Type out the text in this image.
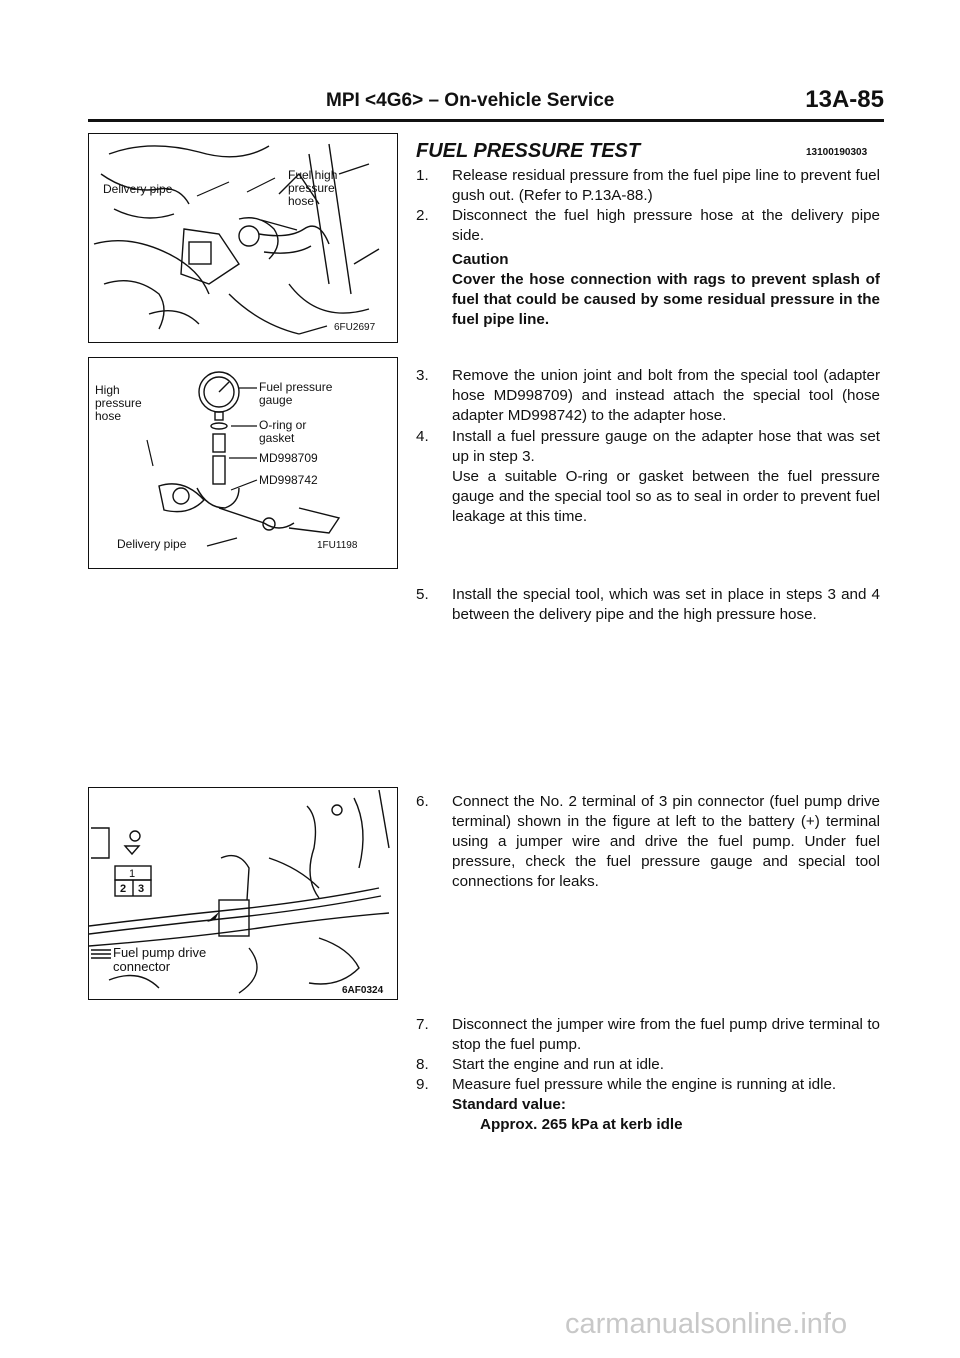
MPI <4G6> – On-vehicle Service	13A-85
Delivery pipe
Fuel high pressure hose
6FU2697
High pressure hose
Fuel pressure gauge
O-ring or gasket
MD998709
MD998742
Delivery pipe	1FU1198
1
2 3
Fuel pump drive connector
6AF0324
FUEL PRESSURE TEST	13100190303
1.	Release residual pressure from the fuel pipe line to prevent fuel gush out. (Refer to P.13A-88.)
2.	Disconnect the fuel high pressure hose at the delivery pipe side.
Caution
Cover the hose connection with rags to prevent splash of fuel that could be caused by some residual pressure in the fuel pipe line.
3.	Remove the union joint and bolt from the special tool (adapter hose MD998709) and instead attach the special tool (hose adapter MD998742) to the adapter hose.
4.	Install a fuel pressure gauge on the adapter hose that was set up in step 3.
Use a suitable O-ring or gasket between the fuel pressure gauge and the special tool so as to seal in order to prevent fuel leakage at this time.
5.	Install the special tool, which was set in place in steps 3 and 4 between the delivery pipe and the high pressure hose.
6.	Connect the No. 2 terminal of 3 pin connector (fuel pump drive terminal) shown in the figure at left to the battery (+) terminal using a jumper wire and drive the fuel pump. Under fuel pressure, check the fuel pressure gauge and special tool connections for leaks.
7.	Disconnect the jumper wire from the fuel pump drive terminal to stop the fuel pump.
8.	Start the engine and run at idle.
9.	Measure fuel pressure while the engine is running at idle.
Standard value:
Approx. 265 kPa at kerb idle
carmanualsonline.info
